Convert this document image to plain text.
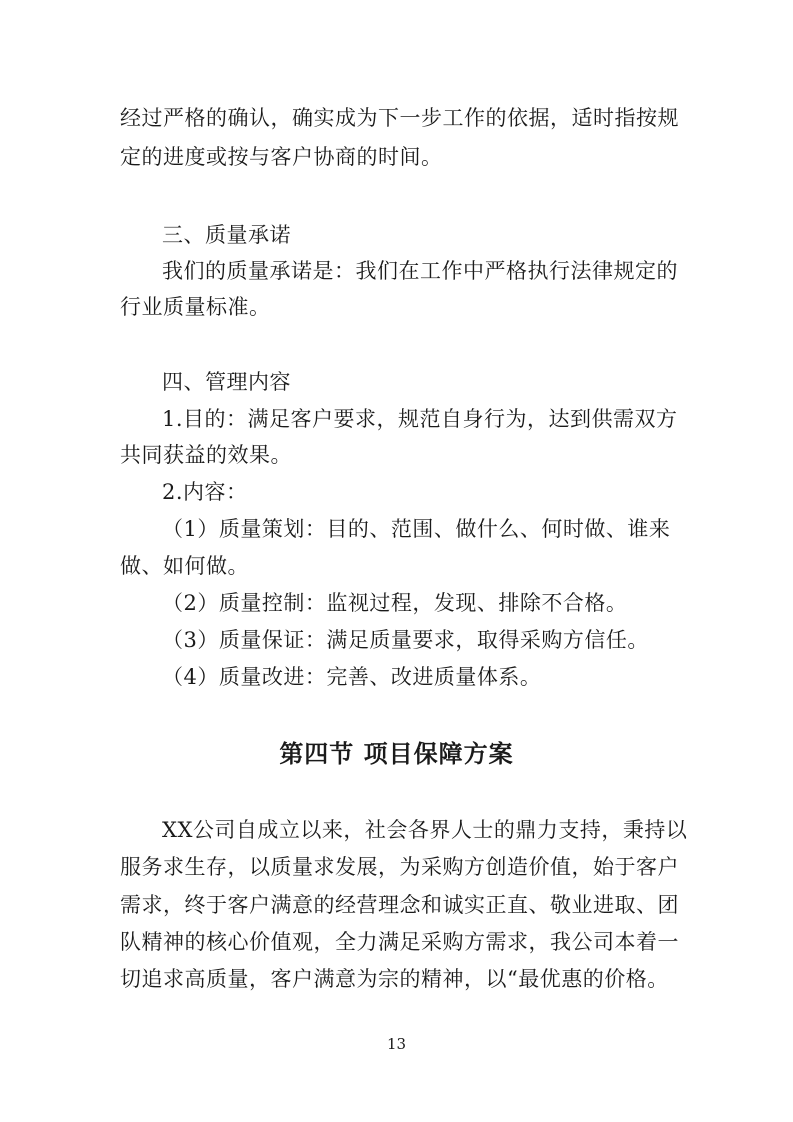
经过严格的确认，确实成为下一步工作的依据，适时指按规
定的进度或按与客户协商的时间。
三、质量承诺
我们的质量承诺是：我们在工作中严格执行法律规定的
行业质量标准。
四、管理内容
1.目的：满足客户要求，规范自身行为，达到供需双方
共同获益的效果。
2.内容：
（1）质量策划：目的、范围、做什么、何时做、谁来
做、如何做。
（2）质量控制：监视过程，发现、排除不合格。
（3）质量保证：满足质量要求，取得采购方信任。
（4）质量改进：完善、改进质量体系。
第四节 项目保障方案
XX公司自成立以来，社会各界人士的鼎力支持，秉持以
服务求生存，以质量求发展，为采购方创造价值，始于客户
需求，终于客户满意的经营理念和诚实正直、敬业进取、团
队精神的核心价值观，全力满足采购方需求，我公司本着一
切追求高质量，客户满意为宗的精神，以“最优惠的价格。
13
